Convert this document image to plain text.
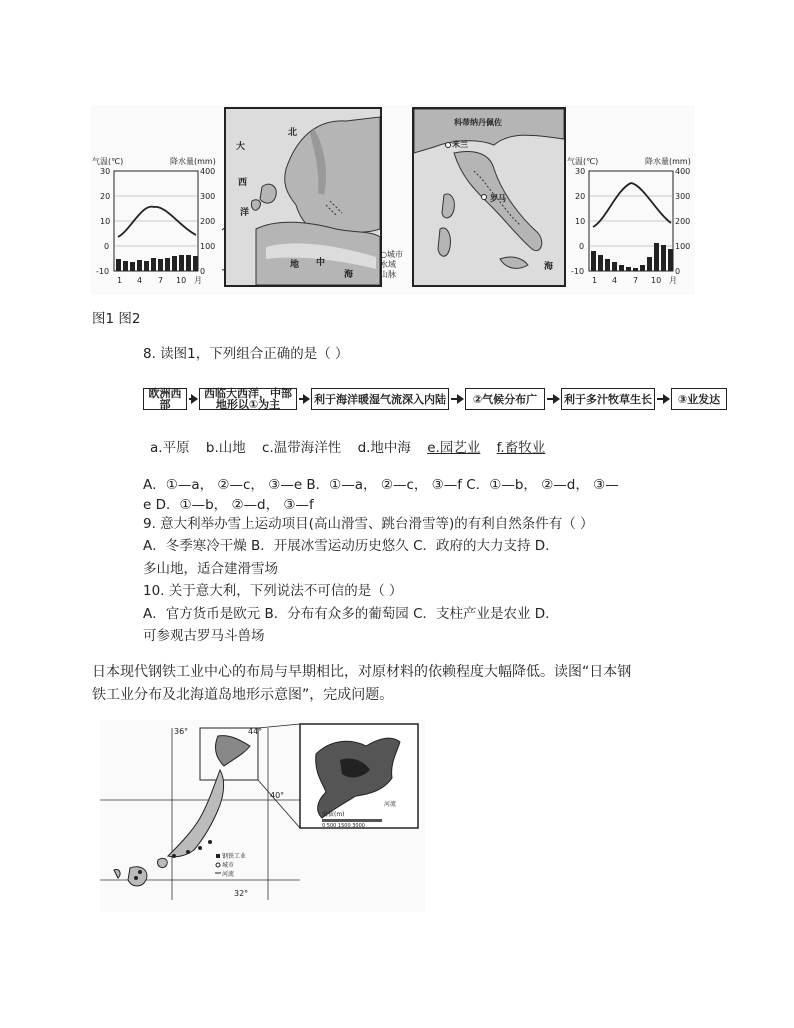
气温(℃)	降水量(mm)
30
20
10
0
-10
400
300
200
100
0
1 4 7 10 月
北
大
西
洋
海
地 中
○城市
水域
山脉
科蒂纳丹佩佐
米兰
罗马
海
气温(℃)	降水量(mm)
30
20
10
0
-10
400
300
200
100
0
1 4 7 10 月
图1 图2
8. 读图1，下列组合正确的是（ ）
欧洲西部
西临大西洋，中部地形以①为主	利于海洋暖湿气流深入内陆	②气候分布广	利于多汁牧草生长	③业发达
a.平原 b.山地 c.温带海洋性 d.地中海 e.园艺业 f.畜牧业
A．①—a， ②—c， ③—e B．①—a， ②—c， ③—f C．①—b， ②—d， ③—
e D．①—b， ②—d， ③—f
9. 意大利举办雪上运动项目(高山滑雪、跳台滑雪等)的有利自然条件有（ ）
A．冬季寒冷干燥 B．开展冰雪运动历史悠久 C．政府的大力支持 D．
多山地，适合建滑雪场
10. 关于意大利，下列说法不可信的是（ ）
A．官方货币是欧元 B．分布有众多的葡萄园 C．支柱产业是农业 D．
可参观古罗马斗兽场
日本现代钢铁工业中心的布局与早期相比，对原材料的依赖程度大幅降低。读图“日本钢
铁工业分布及北海道岛地形示意图”，完成问题。
36°	44°
40°
32°
钢铁工业
城市
河流
河流
海拔(m)
0 500 1500 3000
